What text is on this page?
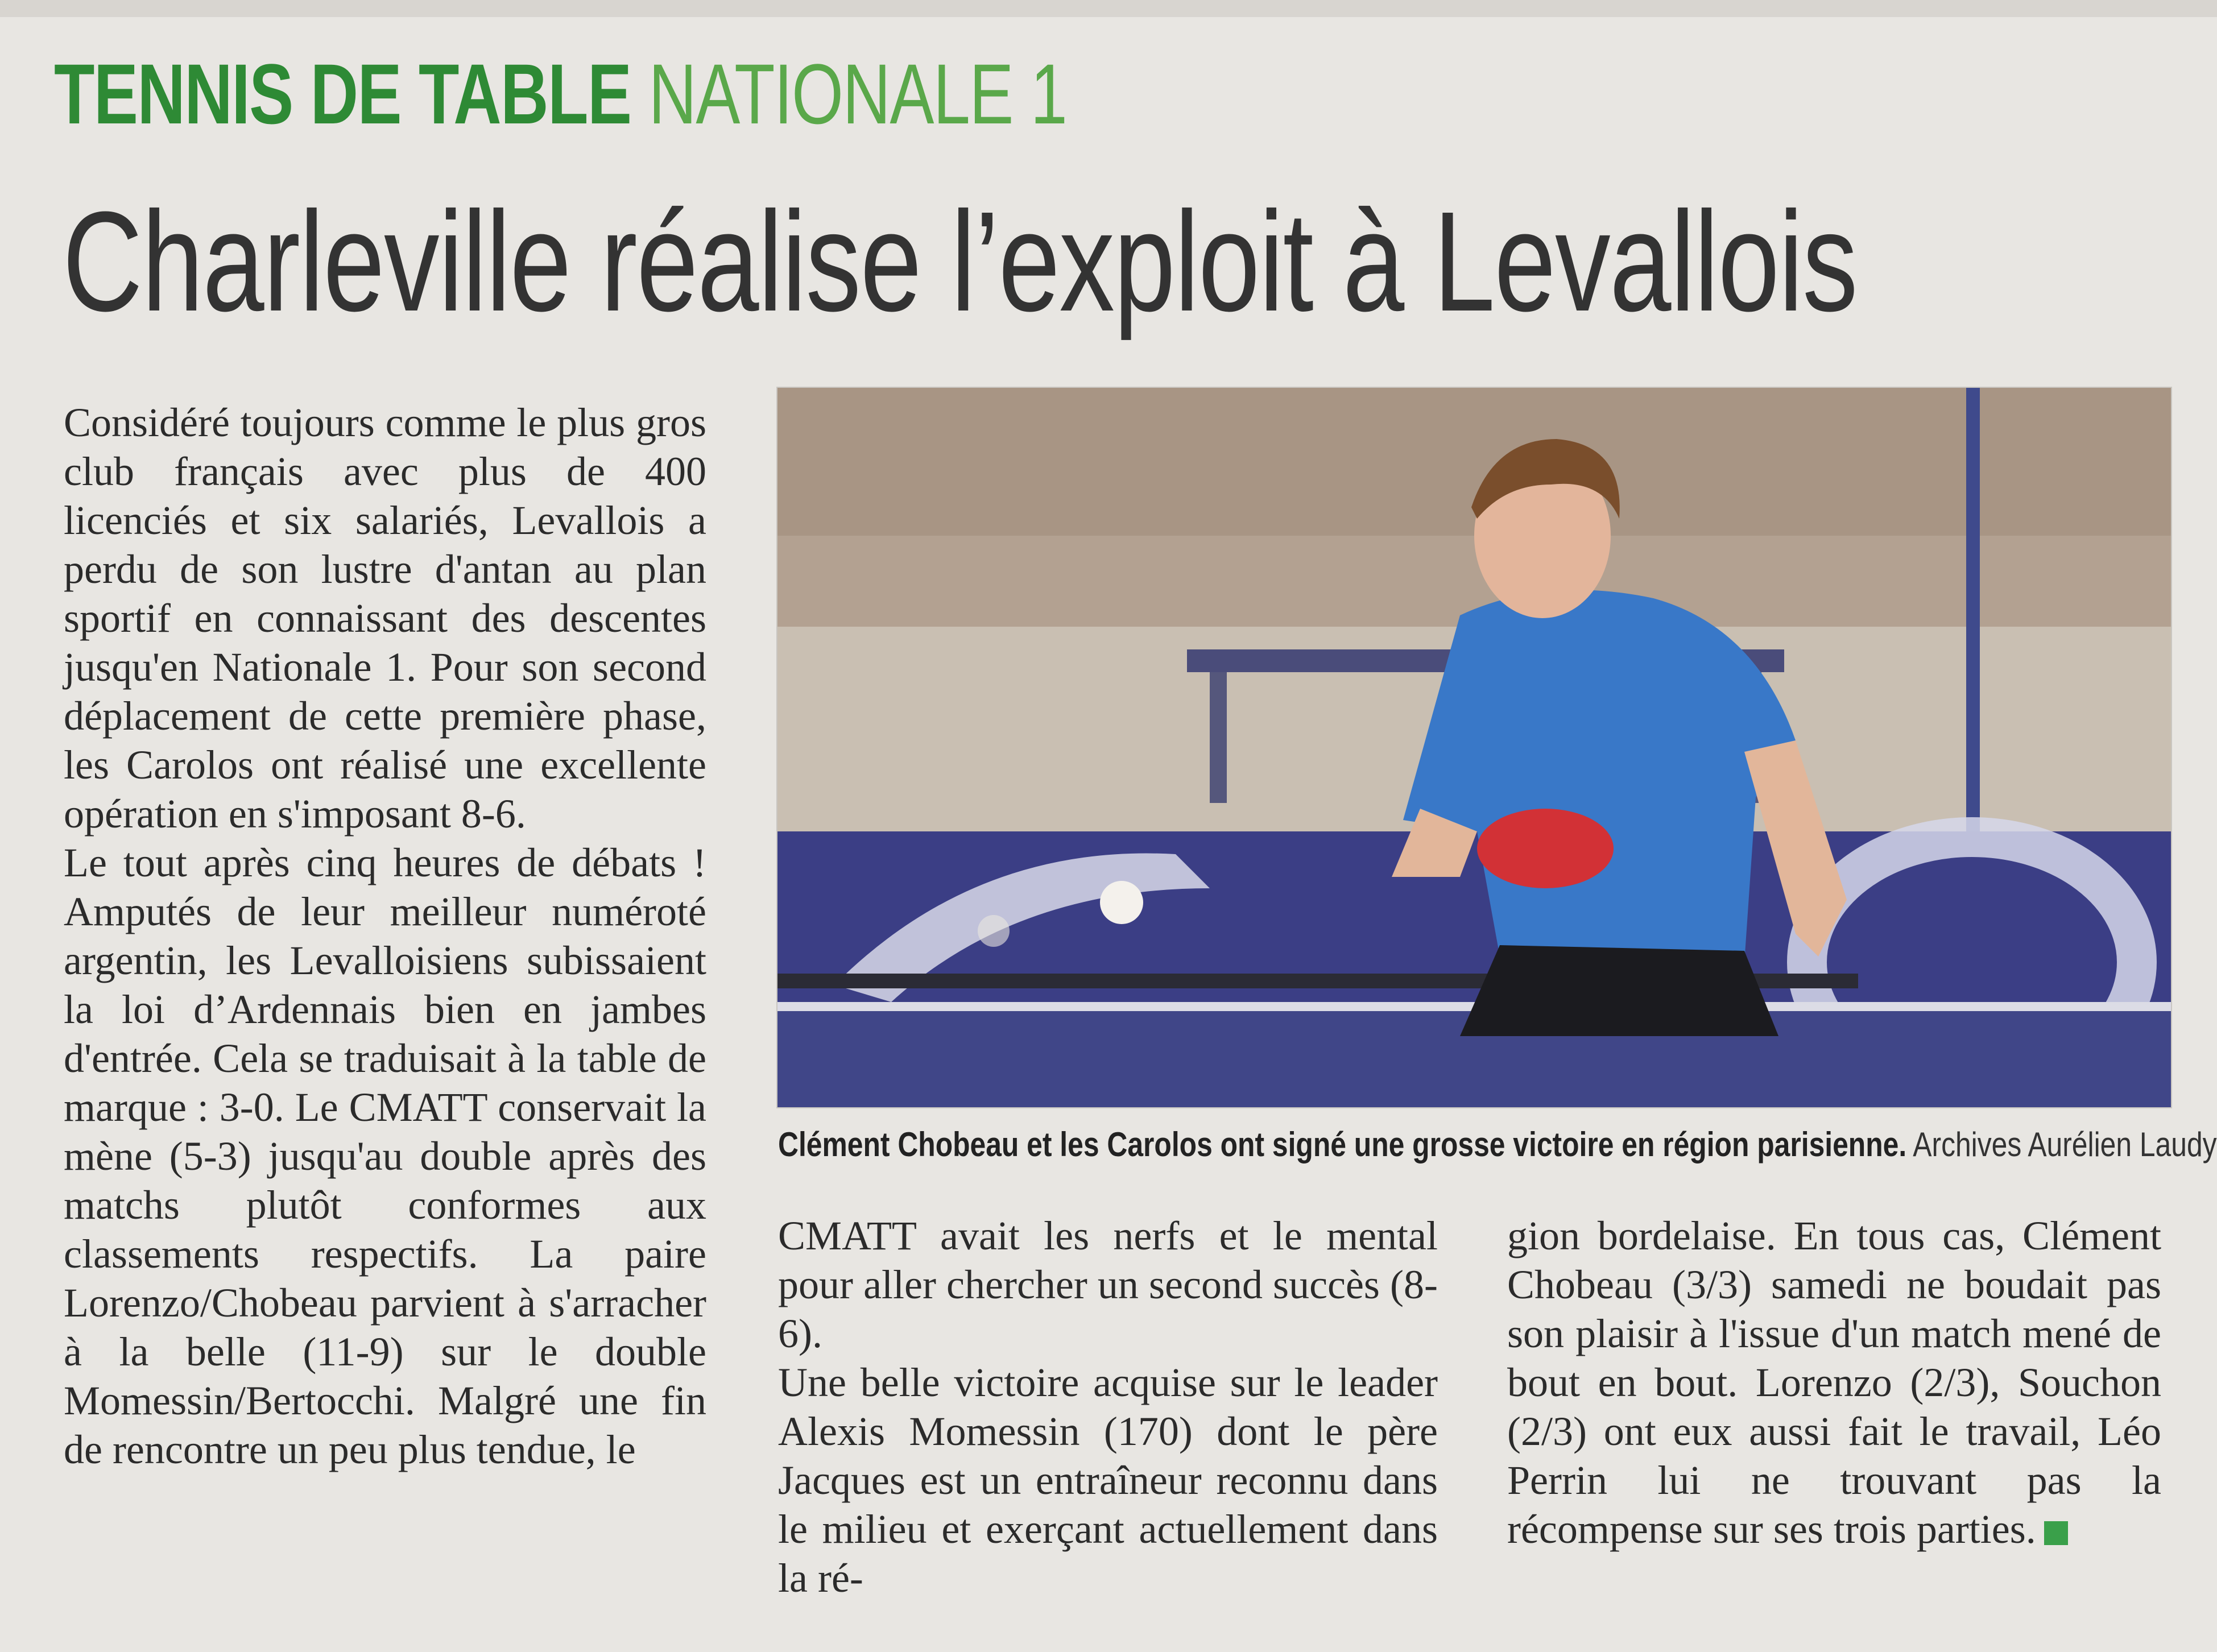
TENNIS DE TABLE NATIONALE 1
Charleville réalise l’exploit à Levallois

Considéré toujours comme le plus gros club français avec plus de 400 licenciés et six salariés, Levallois a perdu de son lustre d'antan au plan sportif en connaissant des descentes jusqu'en Nationale 1. Pour son second déplacement de cette première phase, les Carolos ont réalisé une excellente opération en s'imposant 8-6.

Le tout après cinq heures de débats ! Amputés de leur meilleur numéroté argentin, les Levalloisiens subissaient la loi d’Ardennais bien en jambes d'entrée. Cela se traduisait à la table de marque : 3-0. Le CMATT conservait la mène (5-3) jusqu'au double après des matchs plutôt conformes aux classements respectifs. La paire Lorenzo/Chobeau parvient à s'arracher à la belle (11-9) sur le double Momessin/Bertocchi. Malgré une fin de rencontre un peu plus tendue, le

Clément Chobeau et les Carolos ont signé une grosse victoire en région parisienne. Archives Aurélien Laudy

CMATT avait les nerfs et le mental pour aller chercher un second succès (8-6).

Une belle victoire acquise sur le leader Alexis Momessin (170) dont le père Jacques est un entraîneur reconnu dans le milieu et exerçant actuellement dans la ré-

gion bordelaise. En tous cas, Clément Chobeau (3/3) samedi ne boudait pas son plaisir à l'issue d'un match mené de bout en bout. Lorenzo (2/3), Souchon (2/3) ont eux aussi fait le travail, Léo Perrin lui ne trouvant pas la récompense sur ses trois parties.
